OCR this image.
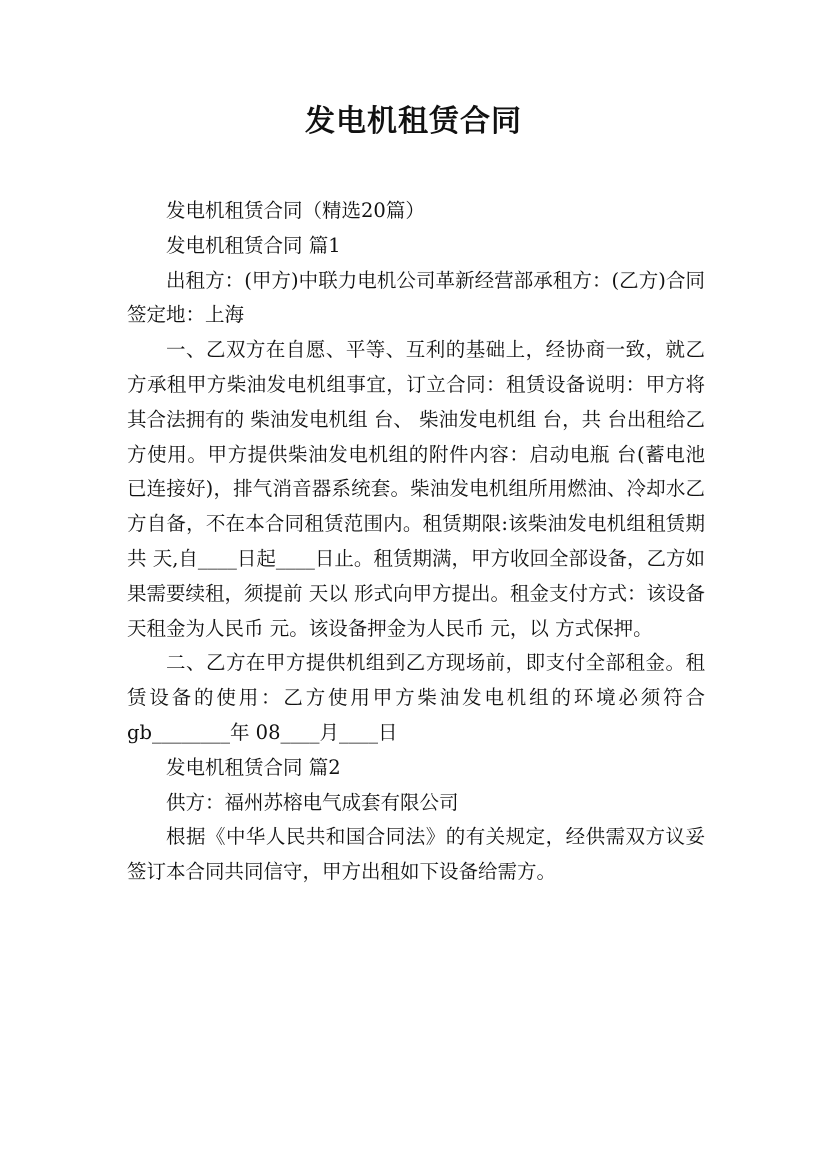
发电机租赁合同

发电机租赁合同（精选20篇）

发电机租赁合同 篇1

出租方：(甲方)中联力电机公司革新经营部承租方：(乙方)合同签定地：上海

一、乙双方在自愿、平等、互利的基础上，经协商一致，就乙方承租甲方柴油发电机组事宜，订立合同：租赁设备说明：甲方将其合法拥有的 柴油发电机组 台、 柴油发电机组 台，共 台出租给乙方使用。甲方提供柴油发电机组的附件内容：启动电瓶 台(蓄电池已连接好)，排气消音器系统套。柴油发电机组所用燃油、冷却水乙方自备，不在本合同租赁范围内。租赁期限:该柴油发电机组租赁期共 天,自____日起____日止。租赁期满，甲方收回全部设备，乙方如果需要续租，须提前 天以 形式向甲方提出。租金支付方式：该设备 天租金为人民币 元。该设备押金为人民币 元，以 方式保押。

二、乙方在甲方提供机组到乙方现场前，即支付全部租金。租赁设备的使用：乙方使用甲方柴油发电机组的环境必须符合gb________年 08____月____日

发电机租赁合同 篇2

供方：福州苏榕电气成套有限公司

根据《中华人民共和国合同法》的有关规定，经供需双方议妥签订本合同共同信守，甲方出租如下设备给需方。
